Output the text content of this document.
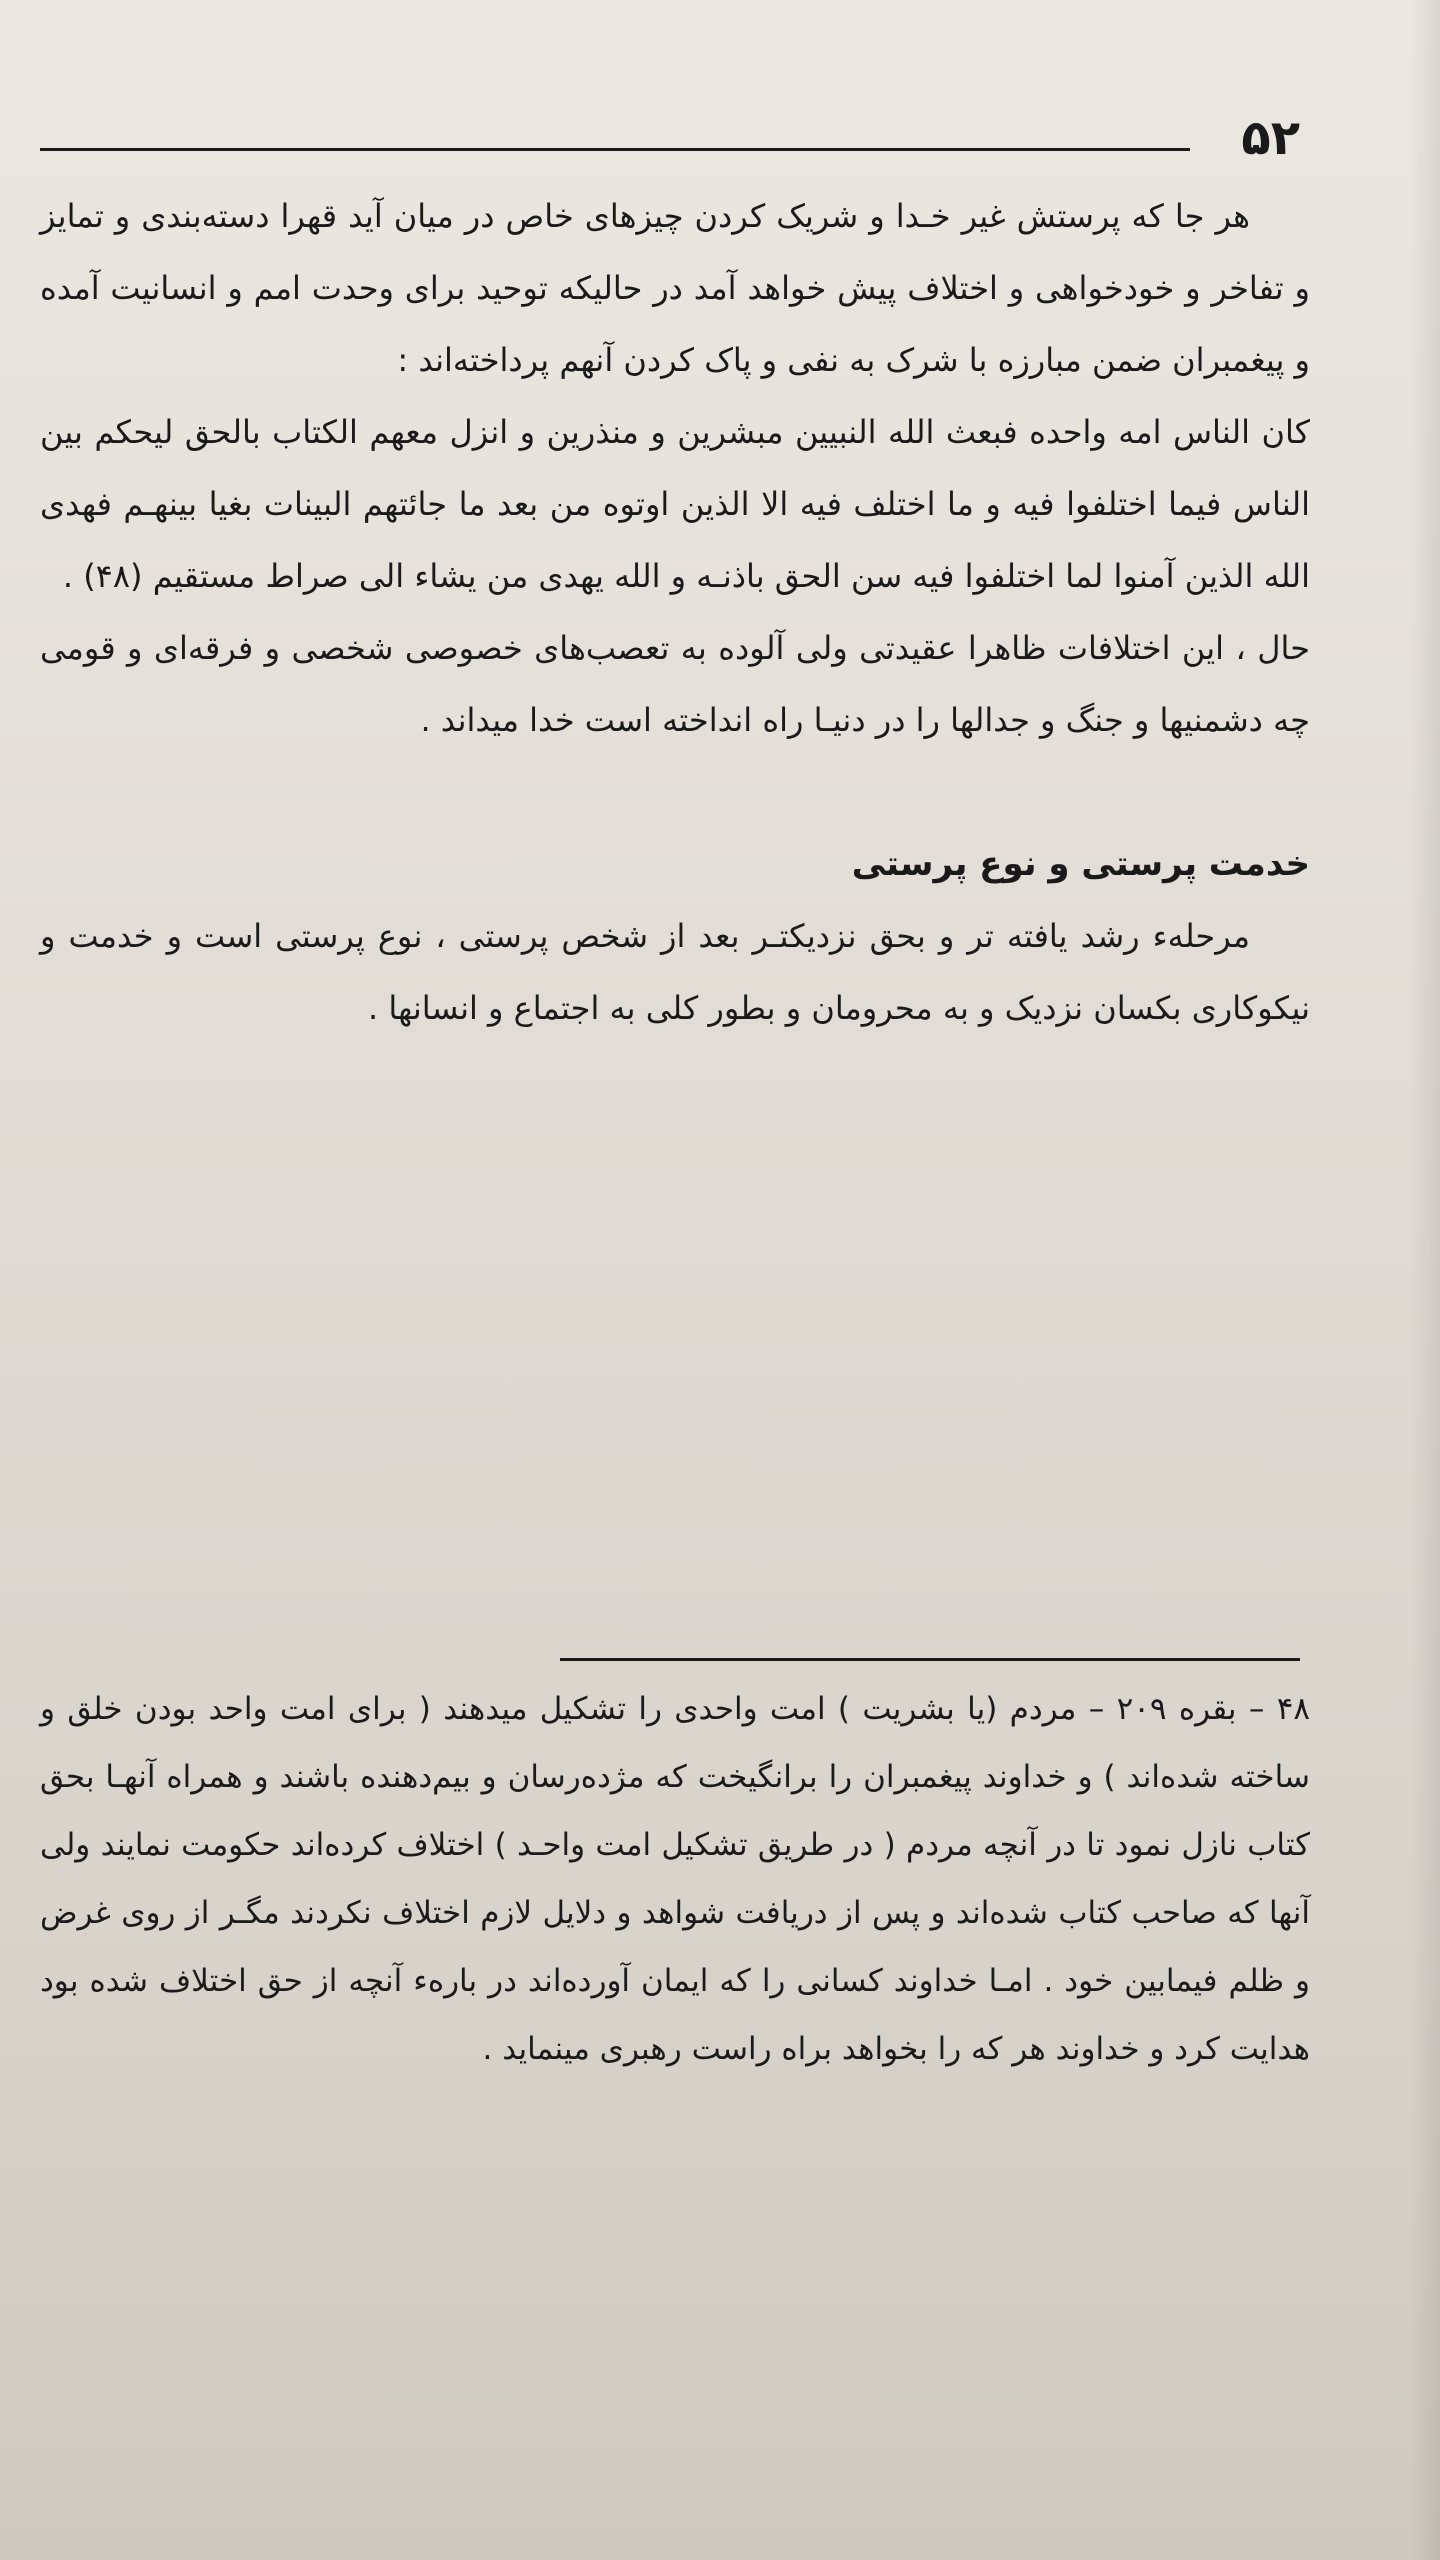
۵۲

هر جا که پرستش غیر خـدا و شریک کردن چیزهای خاص در میان آید قهرا دسته‌بندی و تمایز و تفاخر و خودخواهی و اختلاف پیش خواهد آمد در حالیکه توحید برای وحدت امم و انسانیت آمده و پیغمبران ضمن مبارزه با شرک به نفی و پاک کردن آنهم پرداخته‌اند :

کان الناس امه واحده فبعث الله النبیین مبشرین و منذرین و انزل معهم الکتاب بالحق لیحکم بین الناس فیما اختلفوا فیه و ما اختلف فیه الا الذین اوتوه من بعد ما جائتهم البینات بغیا بینهـم فهدی الله الذین آمنوا لما اختلفوا فیه سن الحق باذنـه و الله یهدی من یشاء الی صراط مستقیم (۴۸) .

حال ، این اختلافات ظاهرا عقیدتی ولی آلوده به تعصب‌های خصوصی شخصی و فرقه‌ای و قومی چه دشمنیها و جنگ و جدالها را در دنیـا راه انداخته است خدا میداند .

خدمت پرستی و نوع پرستی

مرحلهء رشد یافته تر و بحق نزدیکتـر بعد از شخص پرستی ، نوع پرستی است و خدمت و نیکوکاری بکسان نزدیک و به محرومان و بطور کلی به اجتماع و انسانها .

۴۸ – بقره ۲۰۹ – مردم (یا بشریت ) امت واحدی را تشکیل میدهند ( برای امت واحد بودن خلق و ساخته شده‌اند ) و خداوند پیغمبران را برانگیخت که مژده‌رسان و بیم‌دهنده باشند و همراه آنهـا بحق کتاب نازل نمود تا در آنچه مردم ( در طریق تشکیل امت واحـد ) اختلاف کرده‌اند حکومت نمایند ولی آنها که صاحب کتاب شده‌اند و پس از دریافت شواهد و دلایل لازم اختلاف نکردند مگـر از روی غرض و ظلم فیمابین خود . امـا خداوند کسانی را که ایمان آورده‌اند در بارهء آنچه از حق اختلاف شده بود هدایت کرد و خداوند هر که را بخواهد براه راست رهبری مینماید .
